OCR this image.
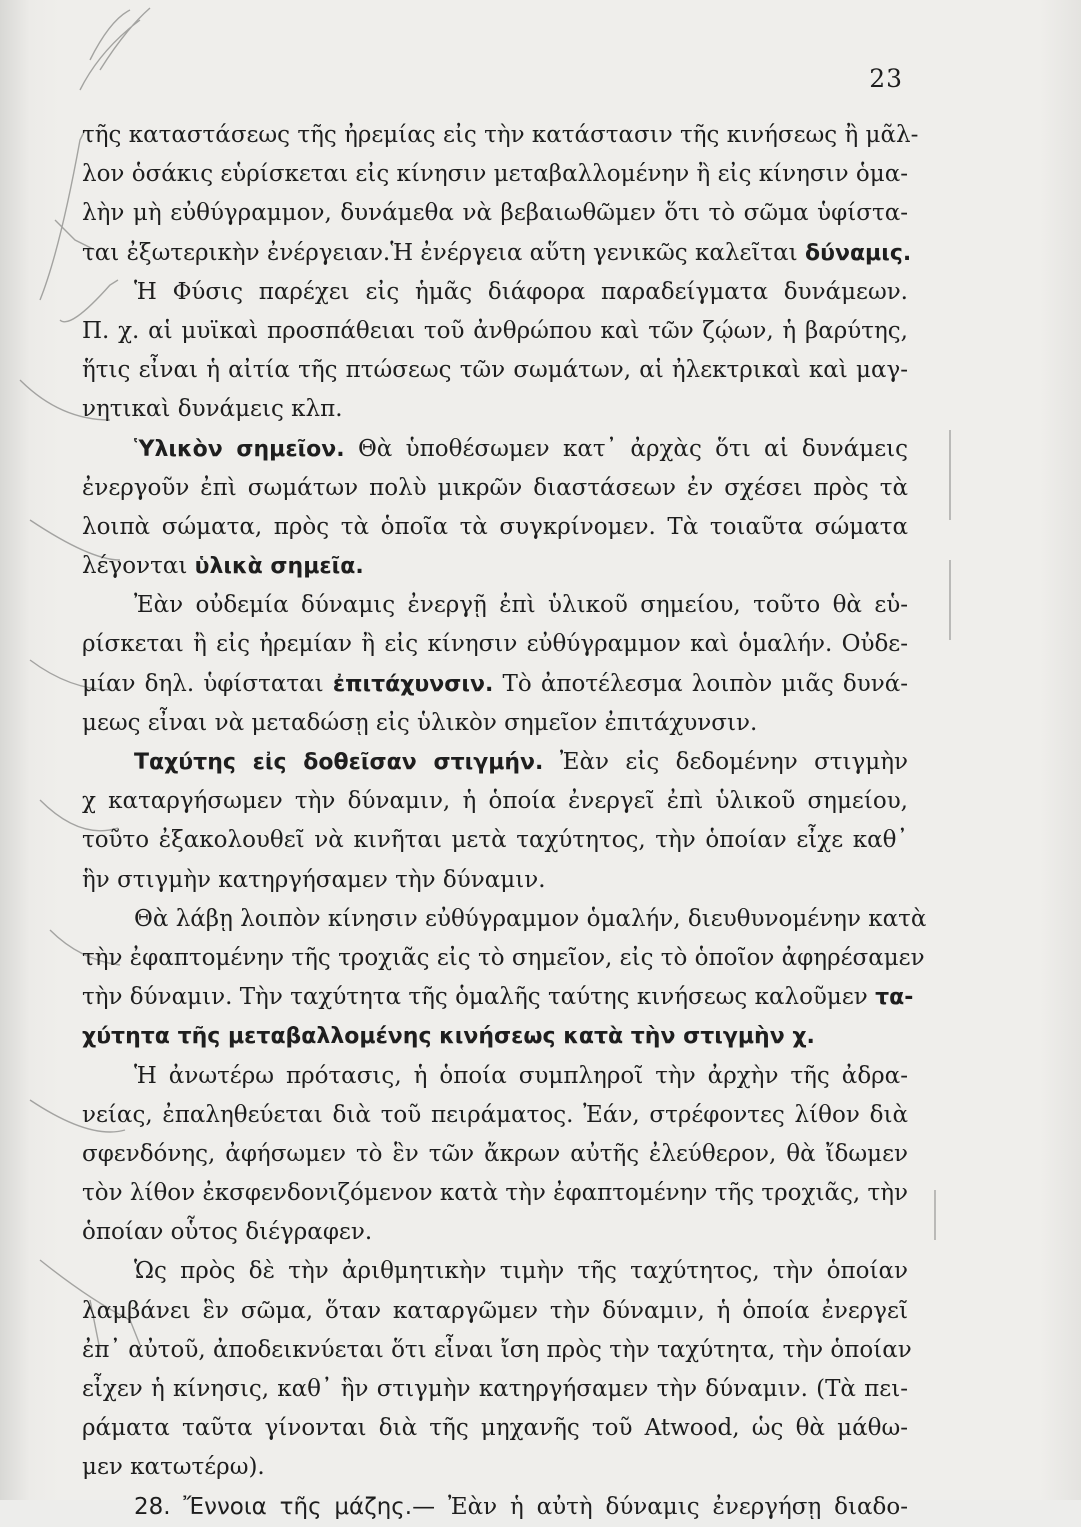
23
τῆς καταστάσεως τῆς ἠρεμίας εἰς τὴν κατάστασιν τῆς κινήσεως ἢ μᾶλ-
λον ὁσάκις εὑρίσκεται εἰς κίνησιν μεταβαλλομένην ἢ εἰς κίνησιν ὁμα-
λὴν μὴ εὐθύγραμμον, δυνάμεθα νὰ βεβαιωθῶμεν ὅτι τὸ σῶμα ὑφίστα-
ται ἐξωτερικὴν ἐνέργειαν.Ἡ ἐνέργεια αὕτη γενικῶς καλεῖται δύναμις.
Ἡ Φύσις παρέχει εἰς ἡμᾶς διάφορα παραδείγματα δυνάμεων.
Π. χ. αἱ μυϊκαὶ προσπάθειαι τοῦ ἀνθρώπου καὶ τῶν ζῴων, ἡ βαρύτης,
ἥτις εἶναι ἡ αἰτία τῆς πτώσεως τῶν σωμάτων, αἱ ἠλεκτρικαὶ καὶ μαγ-
νητικαὶ δυνάμεις κλπ.
Ὑλικὸν σημεῖον. Θὰ ὑποθέσωμεν κατ᾽ ἀρχὰς ὅτι αἱ δυνάμεις
ἐνεργοῦν ἐπὶ σωμάτων πολὺ μικρῶν διαστάσεων ἐν σχέσει πρὸς τὰ
λοιπὰ σώματα, πρὸς τὰ ὁποῖα τὰ συγκρίνομεν. Τὰ τοιαῦτα σώματα
λέγονται ὑλικὰ σημεῖα.
Ἐὰν οὐδεμία δύναμις ἐνεργῇ ἐπὶ ὑλικοῦ σημείου, τοῦτο θὰ εὑ-
ρίσκεται ἢ εἰς ἠρεμίαν ἢ εἰς κίνησιν εὐθύγραμμον καὶ ὁμαλήν. Οὐδε-
μίαν δηλ. ὑφίσταται ἐπιτάχυνσιν. Τὸ ἀποτέλεσμα λοιπὸν μιᾶς δυνά-
μεως εἶναι νὰ μεταδώσῃ εἰς ὑλικὸν σημεῖον ἐπιτάχυνσιν.
Ταχύτης εἰς δοθεῖσαν στιγμήν. Ἐὰν εἰς δεδομένην στιγμὴν
χ καταργήσωμεν τὴν δύναμιν, ἡ ὁποία ἐνεργεῖ ἐπὶ ὑλικοῦ σημείου,
τοῦτο ἐξακολουθεῖ νὰ κινῆται μετὰ ταχύτητος, τὴν ὁποίαν εἶχε καθ᾽
ἣν στιγμὴν κατηργήσαμεν τὴν δύναμιν.
Θὰ λάβῃ λοιπὸν κίνησιν εὐθύγραμμον ὁμαλήν, διευθυνομένην κατὰ
τὴν ἐφαπτομένην τῆς τροχιᾶς εἰς τὸ σημεῖον, εἰς τὸ ὁποῖον ἀφηρέσαμεν
τὴν δύναμιν. Τὴν ταχύτητα τῆς ὁμαλῆς ταύτης κινήσεως καλοῦμεν τα-
χύτητα τῆς μεταβαλλομένης κινήσεως κατὰ τὴν στιγμὴν χ.
Ἡ ἀνωτέρω πρότασις, ἡ ὁποία συμπληροῖ τὴν ἀρχὴν τῆς ἀδρα-
νείας, ἐπαληθεύεται διὰ τοῦ πειράματος. Ἐάν, στρέφοντες λίθον διὰ
σφενδόνης, ἀφήσωμεν τὸ ἓν τῶν ἄκρων αὐτῆς ἐλεύθερον, θὰ ἴδωμεν
τὸν λίθον ἐκσφενδονιζόμενον κατὰ τὴν ἐφαπτομένην τῆς τροχιᾶς, τὴν
ὁποίαν οὗτος διέγραφεν.
Ὡς πρὸς δὲ τὴν ἀριθμητικὴν τιμὴν τῆς ταχύτητος, τὴν ὁποίαν
λαμβάνει ἓν σῶμα, ὅταν καταργῶμεν τὴν δύναμιν, ἡ ὁποία ἐνεργεῖ
ἐπ᾽ αὐτοῦ, ἀποδεικνύεται ὅτι εἶναι ἴση πρὸς τὴν ταχύτητα, τὴν ὁποίαν
εἶχεν ἡ κίνησις, καθ᾽ ἣν στιγμὴν κατηργήσαμεν τὴν δύναμιν. (Τὰ πει-
ράματα ταῦτα γίνονται διὰ τῆς μηχανῆς τοῦ Atwood, ὡς θὰ μάθω-
μεν κατωτέρω).
28. Ἔννοια τῆς μάζης.— Ἐὰν ἡ αὐτὴ δύναμις ἐνεργήσῃ διαδο-
